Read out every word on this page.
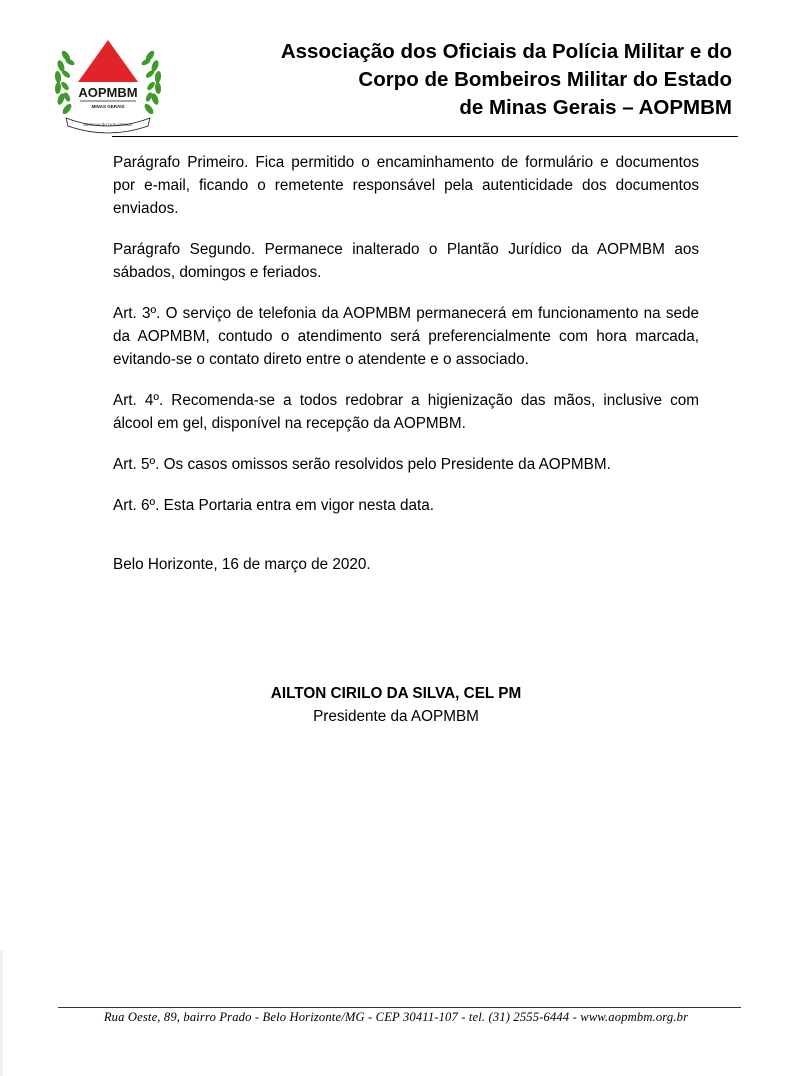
AOPMBM
MINAS GERAIS
ASSOCIAÇÃO DOS OFICIAIS
Associação dos Oficiais da Polícia Militar e do
Corpo de Bombeiros Militar do Estado
de Minas Gerais – AOPMBM

Parágrafo Primeiro. Fica permitido o encaminhamento de formulário e documentos por e-mail, ficando o remetente responsável pela autenticidade dos documentos enviados.

Parágrafo Segundo. Permanece inalterado o Plantão Jurídico da AOPMBM aos sábados, domingos e feriados.

Art. 3º. O serviço de telefonia da AOPMBM permanecerá em funcionamento na sede da AOPMBM, contudo o atendimento será preferencialmente com hora marcada, evitando-se o contato direto entre o atendente e o associado.

Art. 4º. Recomenda-se a todos redobrar a higienização das mãos, inclusive com álcool em gel, disponível na recepção da AOPMBM.

Art. 5º. Os casos omissos serão resolvidos pelo Presidente da AOPMBM.

Art. 6º. Esta Portaria entra em vigor nesta data.

Belo Horizonte, 16 de março de 2020.
AILTON CIRILO DA SILVA, CEL PM
Presidente da AOPMBM
Rua Oeste, 89, bairro Prado - Belo Horizonte/MG - CEP 30411-107 - tel. (31) 2555-6444 - www.aopmbm.org.br
